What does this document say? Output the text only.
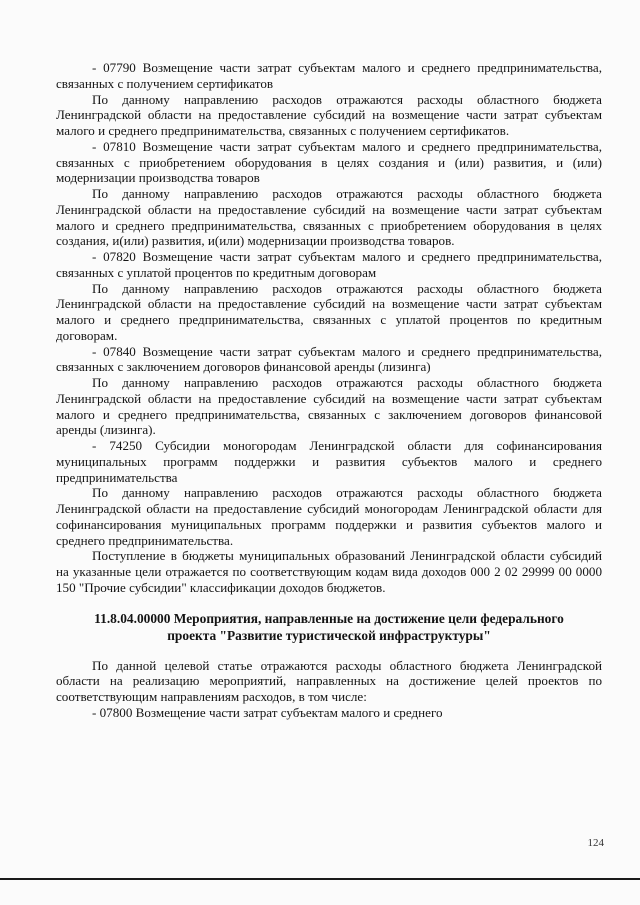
- 07790 Возмещение части затрат субъектам малого и среднего предпринимательства, связанных с получением сертификатов

По данному направлению расходов отражаются расходы областного бюджета Ленинградской области на предоставление субсидий на возмещение части затрат субъектам малого и среднего предпринимательства, связанных с получением сертификатов.

- 07810 Возмещение части затрат субъектам малого и среднего предпринимательства, связанных с приобретением оборудования в целях создания и (или) развития, и (или) модернизации производства товаров

По данному направлению расходов отражаются расходы областного бюджета Ленинградской области на предоставление субсидий на возмещение части затрат субъектам малого и среднего предпринимательства, связанных с приобретением оборудования в целях создания, и(или) развития, и(или) модернизации производства товаров.

- 07820 Возмещение части затрат субъектам малого и среднего предпринимательства, связанных с уплатой процентов по кредитным договорам

По данному направлению расходов отражаются расходы областного бюджета Ленинградской области на предоставление субсидий на возмещение части затрат субъектам малого и среднего предпринимательства, связанных с уплатой процентов по кредитным договорам.

- 07840 Возмещение части затрат субъектам малого и среднего предпринимательства, связанных с заключением договоров финансовой аренды (лизинга)

По данному направлению расходов отражаются расходы областного бюджета Ленинградской области на предоставление субсидий на возмещение части затрат субъектам малого и среднего предпринимательства, связанных с заключением договоров финансовой аренды (лизинга).

- 74250 Субсидии моногородам Ленинградской области для софинансирования муниципальных программ поддержки и развития субъектов малого и среднего предпринимательства

По данному направлению расходов отражаются расходы областного бюджета Ленинградской области на предоставление субсидий моногородам Ленинградской области для софинансирования муниципальных программ поддержки и развития субъектов малого и среднего предпринимательства.

Поступление в бюджеты муниципальных образований Ленинградской области субсидий на указанные цели отражается по соответствующим кодам вида доходов 000 2 02 29999 00 0000 150 "Прочие субсидии" классификации доходов бюджетов.

11.8.04.00000 Мероприятия, направленные на достижение цели федерального проекта "Развитие туристической инфраструктуры"

По данной целевой статье отражаются расходы областного бюджета Ленинградской области на реализацию мероприятий, направленных на достижение целей проектов по соответствующим направлениям расходов, в том числе:

- 07800 Возмещение части затрат субъектам малого и среднего

124
